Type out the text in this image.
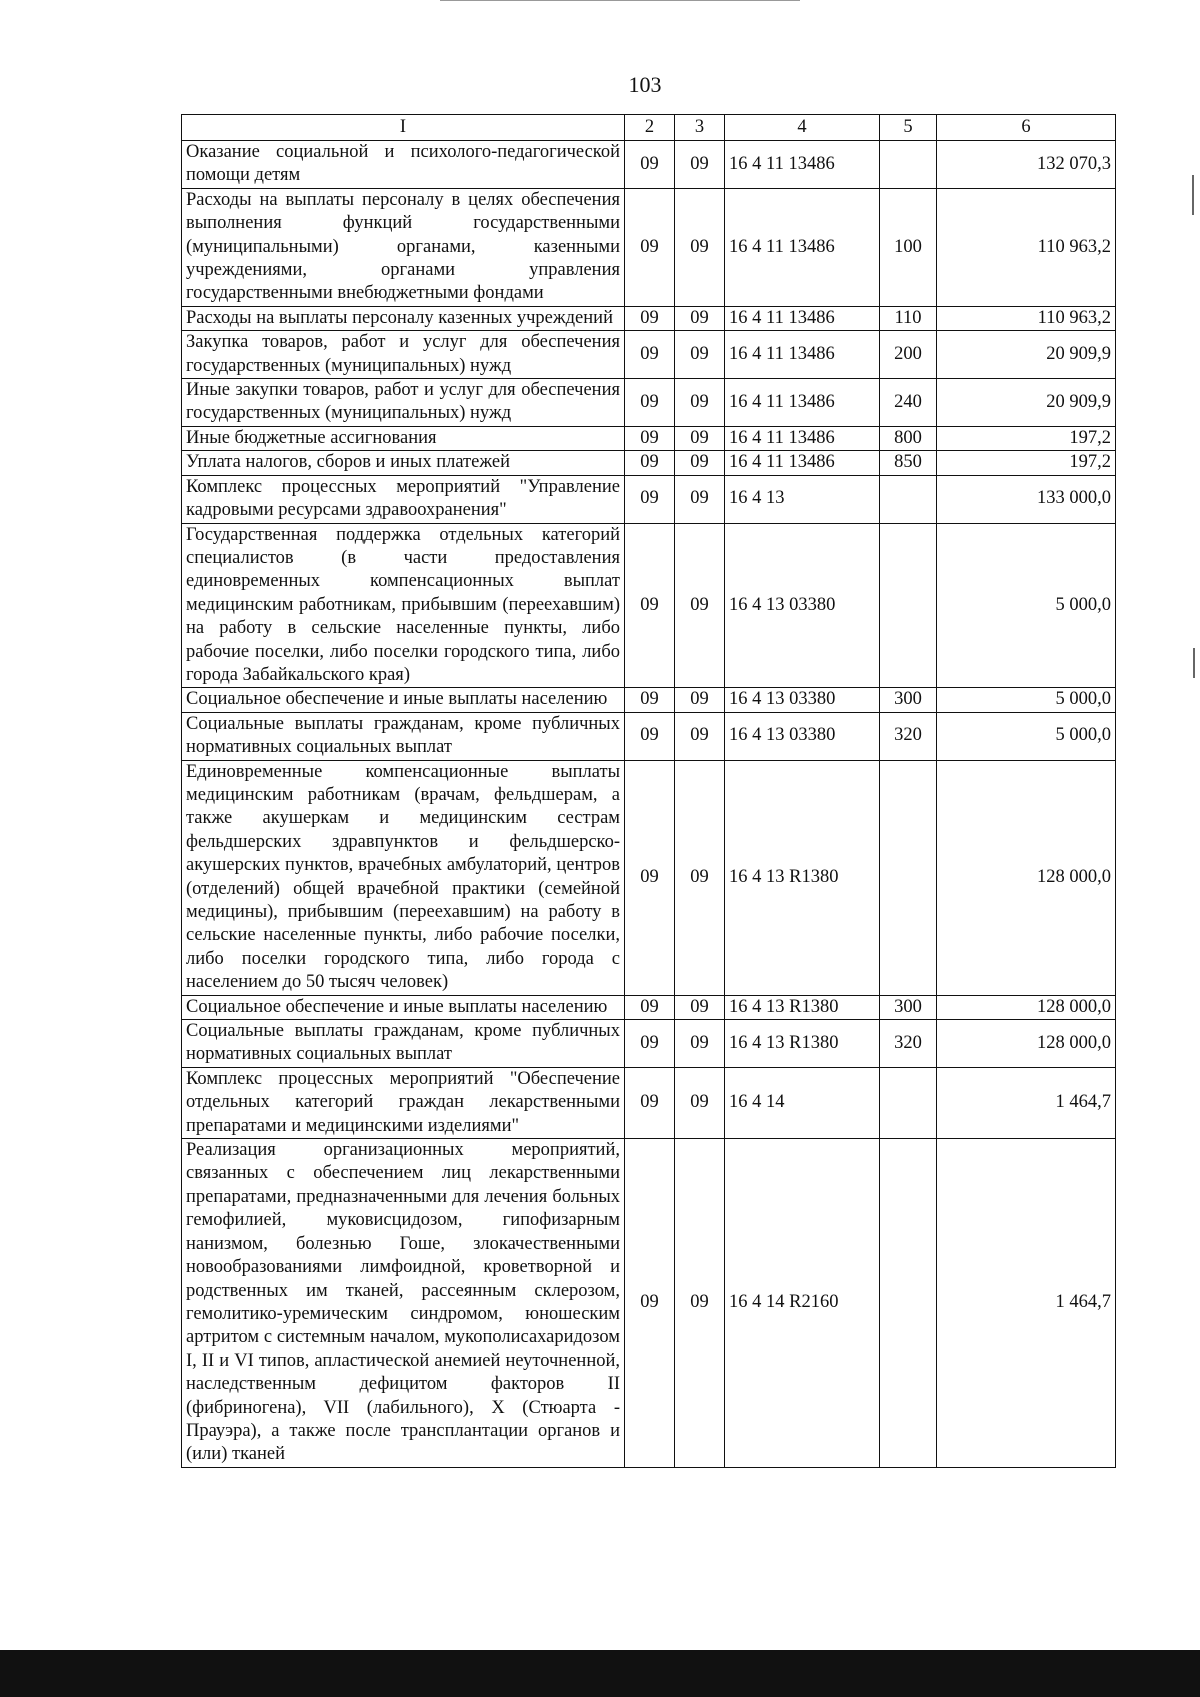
103
I	2	3	4	5	6
Оказание социальной и психолого-педагогической помощи детям	09	09	16 4 11 13486		132 070,3
Расходы на выплаты персоналу в целях обеспечения выполнения функций государственными (муниципальными) органами, казенными учреждениями, органами управления государственными внебюджетными фондами	09	09	16 4 11 13486	100	110 963,2
Расходы на выплаты персоналу казенных учреждений	09	09	16 4 11 13486	110	110 963,2
Закупка товаров, работ и услуг для обеспечения государственных (муниципальных) нужд	09	09	16 4 11 13486	200	20 909,9
Иные закупки товаров, работ и услуг для обеспечения государственных (муниципальных) нужд	09	09	16 4 11 13486	240	20 909,9
Иные бюджетные ассигнования	09	09	16 4 11 13486	800	197,2
Уплата налогов, сборов и иных платежей	09	09	16 4 11 13486	850	197,2
Комплекс процессных мероприятий "Управление кадровыми ресурсами здравоохранения"	09	09	16 4 13		133 000,0
Государственная поддержка отдельных категорий специалистов (в части предоставления единовременных компенсационных выплат медицинским работникам, прибывшим (переехавшим) на работу в сельские населенные пункты, либо рабочие поселки, либо поселки городского типа, либо города Забайкальского края)	09	09	16 4 13 03380		5 000,0
Социальное обеспечение и иные выплаты населению	09	09	16 4 13 03380	300	5 000,0
Социальные выплаты гражданам, кроме публичных нормативных социальных выплат	09	09	16 4 13 03380	320	5 000,0
Единовременные компенсационные выплаты медицинским работникам (врачам, фельдшерам, а также акушеркам и медицинским сестрам фельдшерских здравпунктов и фельдшерско-акушерских пунктов, врачебных амбулаторий, центров (отделений) общей врачебной практики (семейной медицины), прибывшим (переехавшим) на работу в сельские населенные пункты, либо рабочие поселки, либо поселки городского типа, либо города с населением до 50 тысяч человек)	09	09	16 4 13 R1380		128 000,0
Социальное обеспечение и иные выплаты населению	09	09	16 4 13 R1380	300	128 000,0
Социальные выплаты гражданам, кроме публичных нормативных социальных выплат	09	09	16 4 13 R1380	320	128 000,0
Комплекс процессных мероприятий "Обеспечение отдельных категорий граждан лекарственными препаратами и медицинскими изделиями"	09	09	16 4 14		1 464,7
Реализация организационных мероприятий, связанных с обеспечением лиц лекарственными препаратами, предназначенными для лечения больных гемофилией, муковисцидозом, гипофизарным нанизмом, болезнью Гоше, злокачественными новообразованиями лимфоидной, кроветворной и родственных им тканей, рассеянным склерозом, гемолитико-уремическим синдромом, юношеским артритом с системным началом, мукополисахаридозом I, II и VI типов, апластической анемией неуточненной, наследственным дефицитом факторов II (фибриногена), VII (лабильного), X (Стюарта - Прауэра), а также после трансплантации органов и (или) тканей	09	09	16 4 14 R2160		1 464,7
